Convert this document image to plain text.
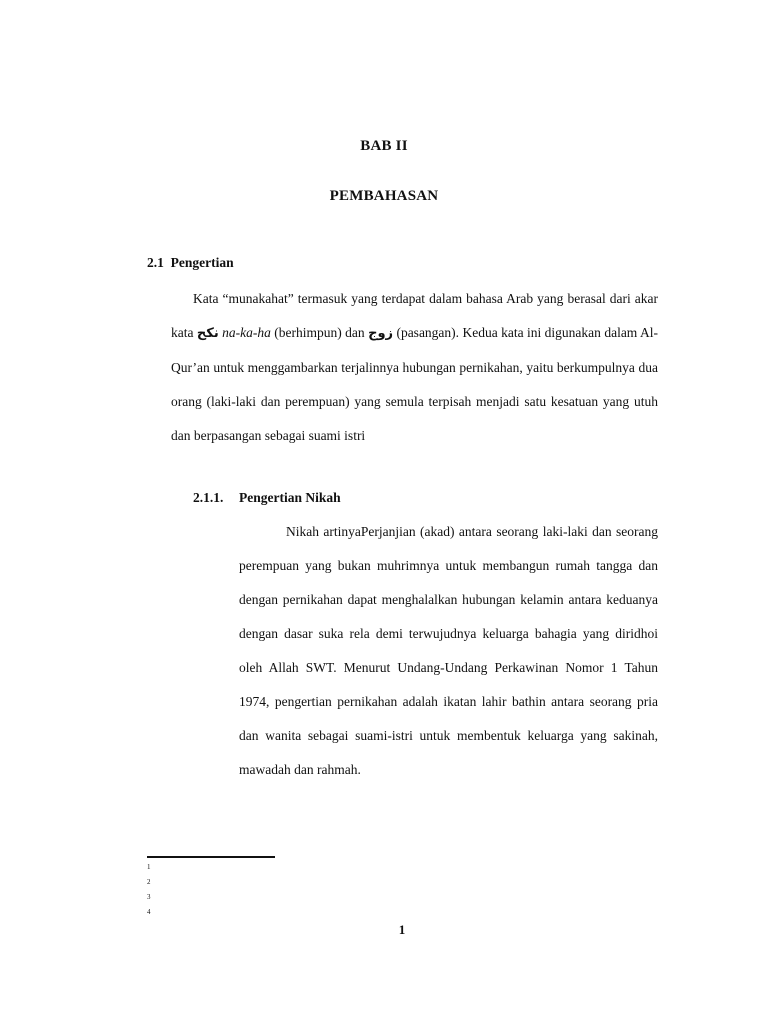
BAB II
PEMBAHASAN
2.1  Pengertian
Kata “munakahat” termasuk yang terdapat dalam bahasa Arab yang berasal dari akar kata نكح na-ka-ha (berhimpun) dan زوج (pasangan). Kedua kata ini digunakan dalam Al-Qur’an untuk menggambarkan terjalinnya hubungan pernikahan, yaitu berkumpulnya dua orang (laki-laki dan perempuan) yang semula terpisah menjadi satu kesatuan yang utuh dan berpasangan sebagai suami istri
2.1.1. Pengertian Nikah
Nikah artinyaPerjanjian (akad) antara seorang laki-laki dan seorang perempuan yang bukan muhrimnya untuk membangun rumah tangga dan dengan pernikahan dapat menghalalkan hubungan kelamin antara keduanya dengan dasar suka rela demi terwujudnya keluarga bahagia yang diridhoi oleh Allah SWT. Menurut Undang-Undang Perkawinan Nomor 1 Tahun 1974, pengertian pernikahan adalah ikatan lahir bathin antara seorang pria dan wanita sebagai suami-istri untuk membentuk keluarga yang sakinah, mawadah dan rahmah.
1
2
3
4
1
